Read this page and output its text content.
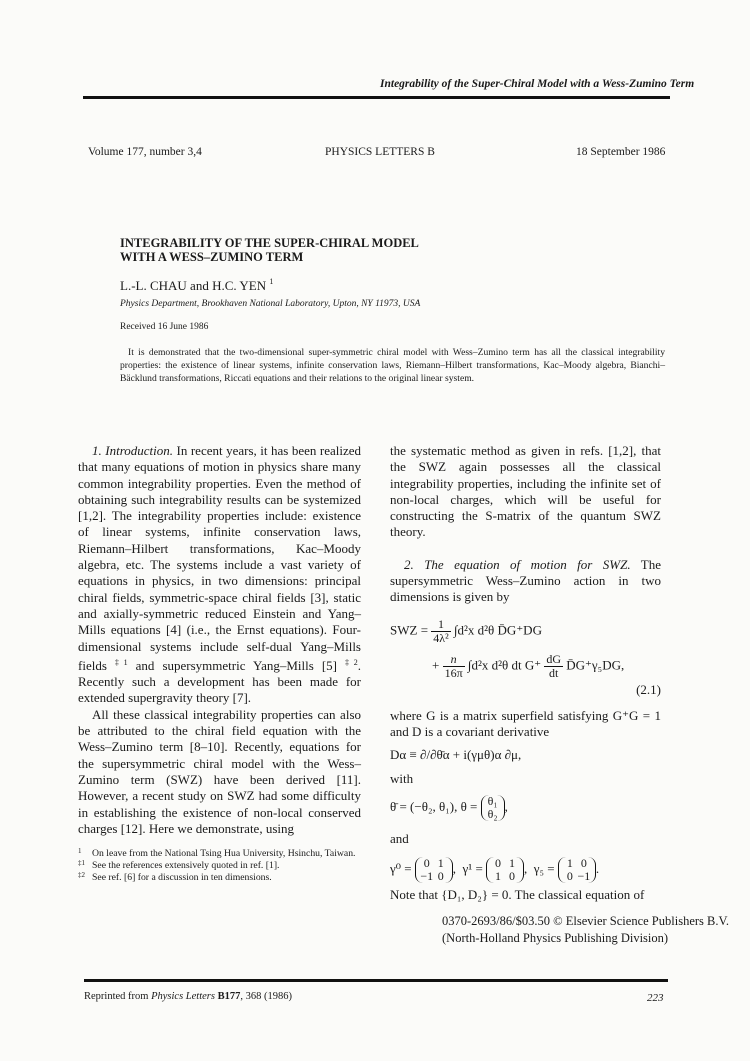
Integrability of the Super-Chiral Model with a Wess-Zumino Term
Volume 177, number 3,4	PHYSICS LETTERS B	18 September 1986
INTEGRABILITY OF THE SUPER-CHIRAL MODEL
WITH A WESS–ZUMINO TERM
L.-L. CHAU and H.C. YEN $^1$
Physics Department, Brookhaven National Laboratory, Upton, NY 11973, USA
Received 16 June 1986
It is demonstrated that the two-dimensional super-symmetric chiral model with Wess–Zumino term has all the classical integrability properties: the existence of linear systems, infinite conservation laws, Riemann–Hilbert transformations, Kac–Moody algebra, Bianchi–Bäcklund transformations, Riccati equations and their relations to the original linear system.

1. Introduction. In recent years, it has been realized that many equations of motion in physics share many common integrability properties. Even the method of obtaining such integrability results can be systemized [1,2]. The integrability properties include: existence of linear systems, infinite conservation laws, Riemann–Hilbert transformations, Kac–Moody algebra, etc. The systems include a vast variety of equations in physics, in two dimensions: principal chiral fields, symmetric-space chiral fields [3], static and axially-symmetric reduced Einstein and Yang–Mills equations [4] (i.e., the Ernst equations). Four-dimensional systems include self-dual Yang–Mills fields $^{\ddagger 1}$ and supersymmetric Yang–Mills [5] $^{\ddagger 2}$. Recently such a development has been made for extended supergravity theory [7].

All these classical integrability properties can also be attributed to the chiral field equation with the Wess–Zumino term [8–10]. Recently, equations for the supersymmetric chiral model with the Wess–Zumino term (SWZ) have been derived [11]. However, a recent study on SWZ had some difficulty in establishing the existence of non-local conserved charges [12]. Here we demonstrate, using

1 On leave from the National Tsing Hua University, Hsinchu, Taiwan.
‡1 See the references extensively quoted in ref. [1].
‡2 See ref. [6] for a discussion in ten dimensions.

the systematic method as given in refs. [1,2], that the SWZ again possesses all the classical integrability properties, including the infinite set of non-local charges, which will be useful for constructing the S-matrix of the quantum SWZ theory.

2. The equation of motion for SWZ. The supersymmetric Wess–Zumino action in two dimensions is given by

SWZ = $\frac{1}{\text{4λ²}} \int d^2x$ d²θ D̄G⁺DG
+ $\frac{n}{16\pi} \int d^2x$ d²θ dt $G^+ \frac{dG}{dt}$ D̄G⁺γ₅DG,
(2.1)

where G is a matrix superfield satisfying G⁺G = 1 and D is a covariant derivative

Dα ≡ ∂/∂θ̄α + i(γμθ)α ∂μ,
with
θ̄ = (−θ₂, θ₁), θ = θ₁
θ₂,
and
γ⁰ = 0 1
−1 0,  γ¹ = 0 1
1 0,  γ₅ = 1 0
0 −1.

Note that {D₁, D₂} = 0. The classical equation of

0370-2693/86/$03.50 © Elsevier Science Publishers B.V.
(North-Holland Physics Publishing Division)
Reprinted from Physics Letters B177, 368 (1986)	223
